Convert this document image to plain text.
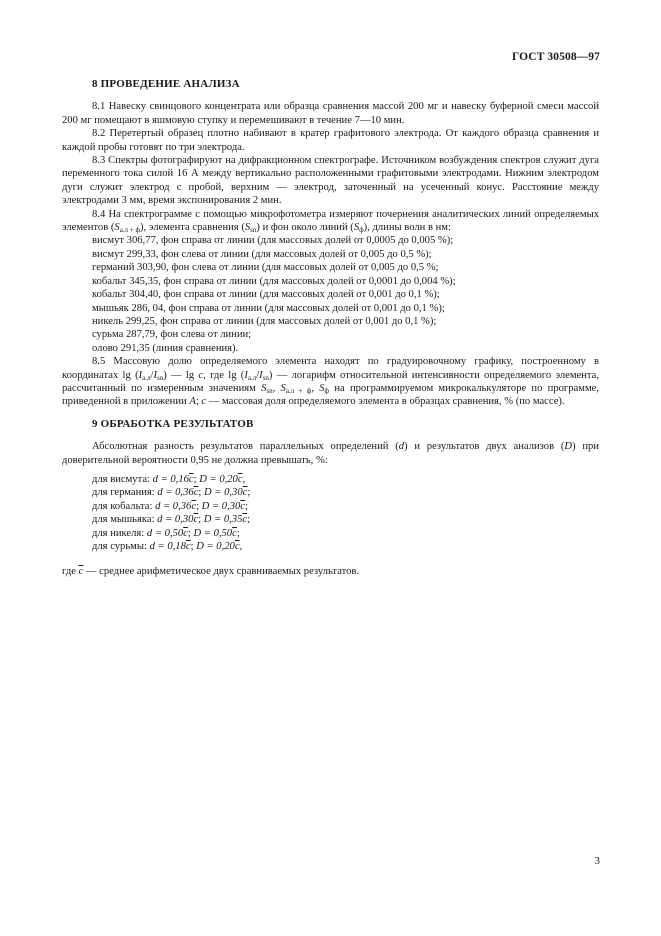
ГОСТ 30508—97

8 ПРОВЕДЕНИЕ АНАЛИЗА

8.1 Навеску свинцового концентрата или образца сравнения массой 200 мг и навеску буферной смеси массой 200 мг помещают в яшмовую ступку и перемешивают в течение 7—10 мин.

8.2 Перетертый образец плотно набивают в кратер графитового электрода. От каждого образца сравнения и каждой пробы готовят по три электрода.

8.3 Спектры фотографируют на дифракционном спектрографе. Источником возбуждения спектров служит дуга переменного тока силой 16 А между вертикально расположенными графитовыми электродами. Нижним электродом дуги служит электрод с пробой, верхним — электрод, заточенный на усеченный конус. Расстояние между электродами 3 мм, время экспонирования 2 мин.

8.4 На спектрограмме с помощью микрофотометра измеряют почернения аналитических линий определяемых элементов $(S_{а.л + ф})$, элемента сравнения $(S_{sn})$ и фон около линий $(S_ф)$, длины волн в нм:

висмут 306,77, фон справа от линии (для массовых долей от 0,0005 до 0,005 %);

висмут 299,33, фон слева от линии (для массовых долей от 0,005 до 0,5 %);

германий 303,90, фон слева от линии (для массовых долей от 0,005 до 0,5 %;

кобальт 345,35, фон справа от линии (для массовых долей от 0,0001 до 0,004 %);

кобальт 304,40, фон справа от линии (для массовых долей от 0,001 до 0,1 %);

мышьяк 286, 04, фон справа от линии (для массовых долей от 0,001 до 0,1 %);

никель 299,25, фон справа от линии (для массовых долей от 0,001 до 0,1 %);

сурьма 287,79, фон слева от линии;

олово 291,35 (линия сравнения).

8.5 Массовую долю определяемого элемента находят по градуировочному графику, построенному в координатах $\lg (I_{а.л}/I_{sn})$ — lg c, где $\lg (I_{а.л}/I_{sn})$ — логарифм относительной интенсивности определяемого элемента, рассчитанный по измеренным значениям $S_{sn}$, $S_{а.л + ф}$, $S_ф$ на программируемом микрокалькуляторе по программе, приведенной в приложении А; c — массовая доля определяемого элемента в образцах сравнения, % (по массе).

9 ОБРАБОТКА РЕЗУЛЬТАТОВ

Абсолютная разность результатов параллельных определений (d) и результатов двух анализов (D) при доверительной вероятности 0,95 не должна превышать, %:

для висмута: $d = 0,16\overline{c}$; $D = 0,20\overline{c}$,

для германия: $d = 0,36\overline{c}$; $D = 0,30\overline{c}$;

для кобальта: $d = 0,36\overline{c}$; $D = 0,30\overline{c}$;

для мышьяка: $d = 0,30\overline{c}$; $D = 0,35\overline{c}$;

для никеля: $d = 0,50\overline{c}$; $D = 0,50\overline{c}$;

для сурьмы: $d = 0,18\overline{c}$; $D = 0,20\overline{c}$,

где $\overline{c}$ — среднее арифметическое двух сравниваемых результатов.

3
